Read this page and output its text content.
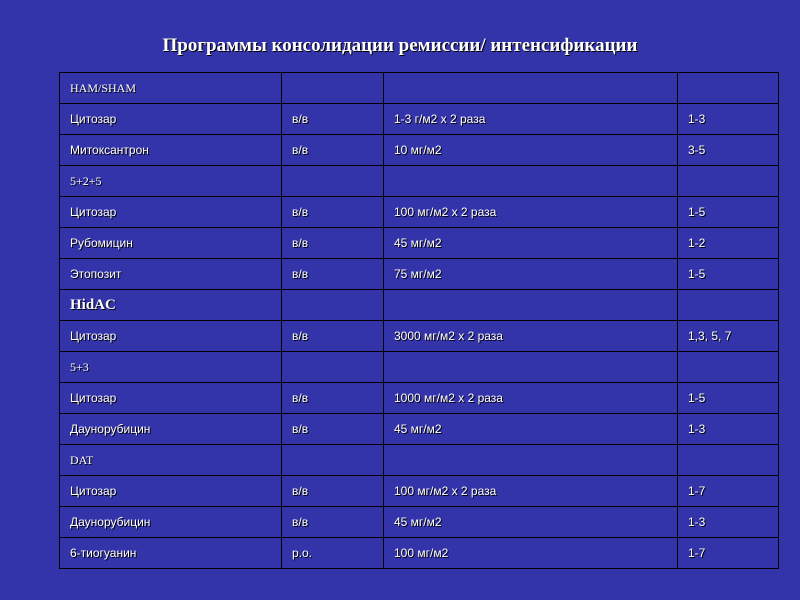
Программы консолидации ремиссии/ интенсификации
HAM/SHAM			
Цитозар	в/в	1-3 г/м2 х 2 раза	1-3
Митоксантрон	в/в	10 мг/м2	3-5
5+2+5			
Цитозар	в/в	100 мг/м2 х 2 раза	1-5
Рубомицин	в/в	45 мг/м2	1-2
Этопозит	в/в	75 мг/м2	1-5
HidAC			
Цитозар	в/в	3000 мг/м2 х 2 раза	1,3, 5, 7
5+3			
Цитозар	в/в	1000 мг/м2 х 2 раза	1-5
Даунорубицин	в/в	45 мг/м2	1-3
DAT			
Цитозар	в/в	100 мг/м2 х 2 раза	1-7
Даунорубицин	в/в	45 мг/м2	1-3
6-тиогуанин	р.о.	100 мг/м2	1-7
